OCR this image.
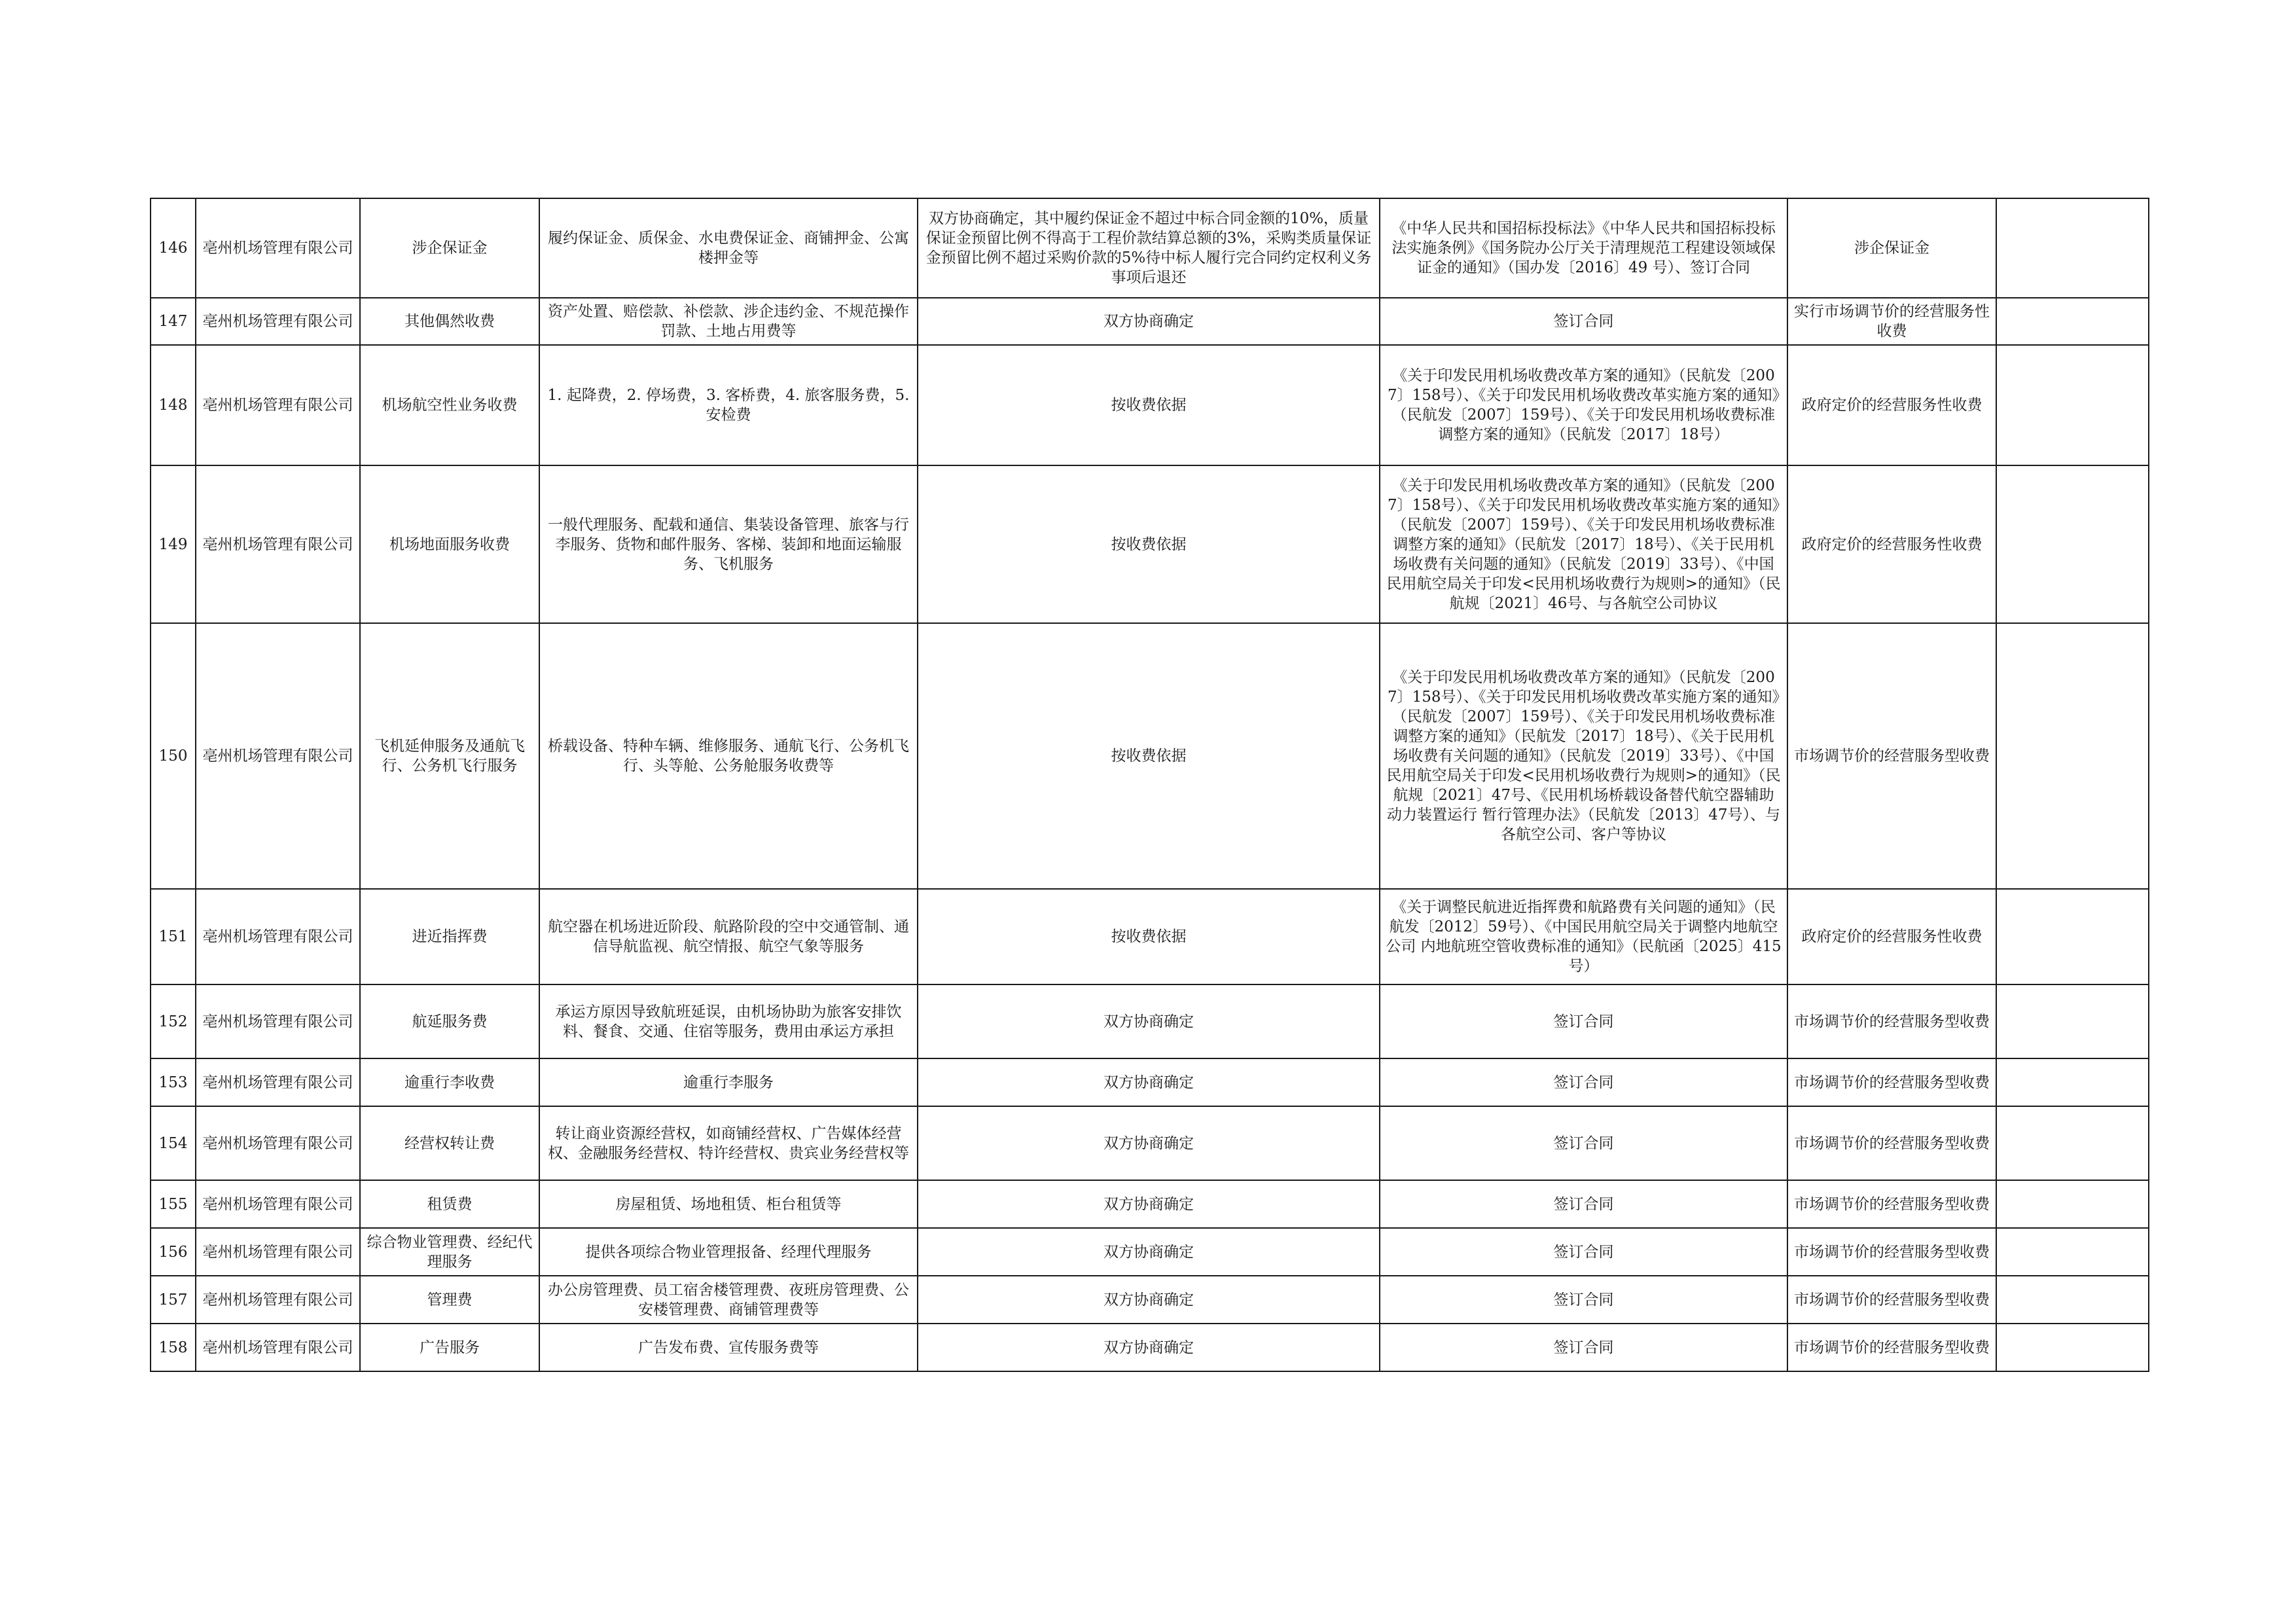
146	亳州机场管理有限公司	涉企保证金	履约保证金、质保金、水电费保证金、商铺押金、公寓楼押金等	双方协商确定，其中履约保证金不超过中标合同金额的10%，质量保证金预留比例不得高于工程价款结算总额的3%，采购类质量保证金预留比例不超过采购价款的5%待中标人履行完合同约定权利义务事项后退还	《中华人民共和国招标投标法》《中华人民共和国招标投标法实施条例》《国务院办公厅关于清理规范工程建设领域保证金的通知》（国办发〔2016〕49 号）、签订合同	涉企保证金	
147	亳州机场管理有限公司	其他偶然收费	资产处置、赔偿款、补偿款、涉企违约金、不规范操作罚款、土地占用费等	双方协商确定	签订合同	实行市场调节价的经营服务性收费	
148	亳州机场管理有限公司	机场航空性业务收费	1. 起降费，2. 停场费，3. 客桥费，4. 旅客服务费，5. 安检费	按收费依据	《关于印发民用机场收费改革方案的通知》（民航发〔2007〕158号）、《关于印发民用机场收费改革实施方案的通知》（民航发〔2007〕159号）、《关于印发民用机场收费标准调整方案的通知》（民航发〔2017〕18号）	政府定价的经营服务性收费	
149	亳州机场管理有限公司	机场地面服务收费	一般代理服务、配载和通信、集装设备管理、旅客与行李服务、货物和邮件服务、客梯、装卸和地面运输服务、飞机服务	按收费依据	《关于印发民用机场收费改革方案的通知》（民航发〔2007〕158号）、《关于印发民用机场收费改革实施方案的通知》（民航发〔2007〕159号）、《关于印发民用机场收费标准调整方案的通知》（民航发〔2017〕18号）、《关于民用机场收费有关问题的通知》（民航发〔2019〕33号）、《中国民用航空局关于印发<民用机场收费行为规则>的通知》（民航规〔2021〕46号、与各航空公司协议	政府定价的经营服务性收费	
150	亳州机场管理有限公司	飞机延伸服务及通航飞行、公务机飞行服务	桥载设备、特种车辆、维修服务、通航飞行、公务机飞行、头等舱、公务舱服务收费等	按收费依据	《关于印发民用机场收费改革方案的通知》（民航发〔2007〕158号）、《关于印发民用机场收费改革实施方案的通知》（民航发〔2007〕159号）、《关于印发民用机场收费标准调整方案的通知》（民航发〔2017〕18号）、《关于民用机场收费有关问题的通知》（民航发〔2019〕33号）、《中国民用航空局关于印发<民用机场收费行为规则>的通知》（民航规〔2021〕47号、《民用机场桥载设备替代航空器辅助动力装置运行 暂行管理办法》（民航发〔2013〕47号）、与各航空公司、客户等协议	市场调节价的经营服务型收费	
151	亳州机场管理有限公司	进近指挥费	航空器在机场进近阶段、航路阶段的空中交通管制、通信导航监视、航空情报、航空气象等服务	按收费依据	《关于调整民航进近指挥费和航路费有关问题的通知》（民航发〔2012〕59号）、《中国民用航空局关于调整内地航空公司 内地航班空管收费标准的通知》（民航函〔2025〕415号）	政府定价的经营服务性收费	
152	亳州机场管理有限公司	航延服务费	承运方原因导致航班延误，由机场协助为旅客安排饮料、餐食、交通、住宿等服务，费用由承运方承担	双方协商确定	签订合同	市场调节价的经营服务型收费	
153	亳州机场管理有限公司	逾重行李收费	逾重行李服务	双方协商确定	签订合同	市场调节价的经营服务型收费	
154	亳州机场管理有限公司	经营权转让费	转让商业资源经营权，如商铺经营权、广告媒体经营权、金融服务经营权、特许经营权、贵宾业务经营权等	双方协商确定	签订合同	市场调节价的经营服务型收费	
155	亳州机场管理有限公司	租赁费	房屋租赁、场地租赁、柜台租赁等	双方协商确定	签订合同	市场调节价的经营服务型收费	
156	亳州机场管理有限公司	综合物业管理费、经纪代理服务	提供各项综合物业管理报备、经理代理服务	双方协商确定	签订合同	市场调节价的经营服务型收费	
157	亳州机场管理有限公司	管理费	办公房管理费、员工宿舍楼管理费、夜班房管理费、公安楼管理费、商铺管理费等	双方协商确定	签订合同	市场调节价的经营服务型收费	
158	亳州机场管理有限公司	广告服务	广告发布费、宣传服务费等	双方协商确定	签订合同	市场调节价的经营服务型收费	
